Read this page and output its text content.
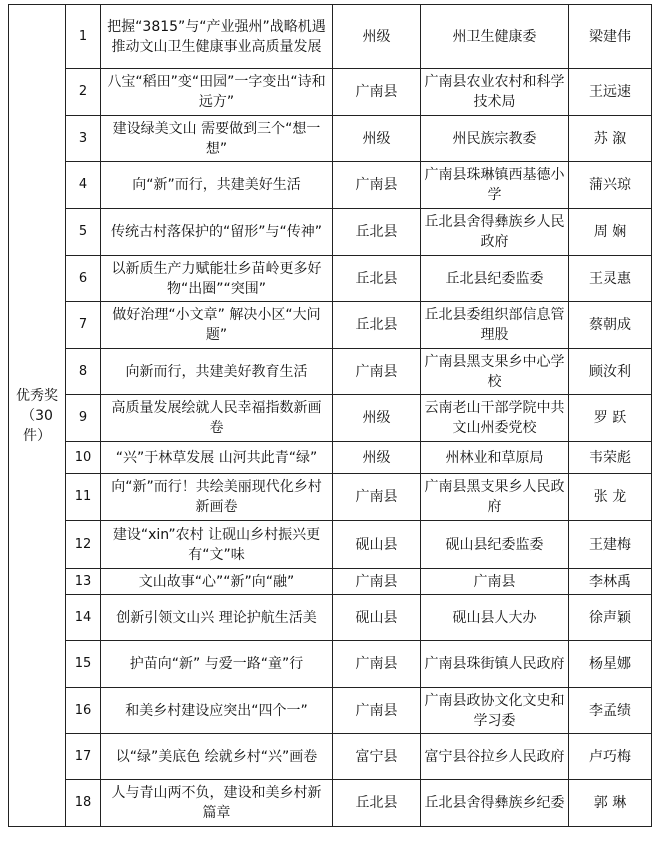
优秀奖（30件）	1	把握“3815”与“产业强州”战略机遇 推动文山卫生健康事业高质量发展	州级	州卫生健康委	梁建伟
	2	八宝“稻田”变“田园”一字变出“诗和远方”	广南县	广南县农业农村和科学技术局	王远速
	3	建设绿美文山 需要做到三个“想一想”	州级	州民族宗教委	苏 溆
	4	向“新”而行，共建美好生活	广南县	广南县珠琳镇西基德小学	蒲兴琼
	5	传统古村落保护的“留形”与“传神”	丘北县	丘北县舍得彝族乡人民政府	周 娴
	6	以新质生产力赋能壮乡苗岭更多好物“出圈”“突围”	丘北县	丘北县纪委监委	王灵惠
	7	做好治理“小文章” 解决小区“大问题”	丘北县	丘北县委组织部信息管理股	蔡朝成
	8	向新而行，共建美好教育生活	广南县	广南县黑支果乡中心学校	顾汝利
	9	高质量发展绘就人民幸福指数新画卷	州级	云南老山干部学院中共文山州委党校	罗 跃
	10	“兴”于林草发展 山河共此青“绿”	州级	州林业和草原局	韦荣彪
	11	向“新”而行！共绘美丽现代化乡村新画卷	广南县	广南县黑支果乡人民政府	张 龙
	12	建设“xin”农村 让砚山乡村振兴更有“文”味	砚山县	砚山县纪委监委	王建梅
	13	文山故事“心”“新”向“融”	广南县	广南县	李林禹
	14	创新引领文山兴 理论护航生活美	砚山县	砚山县人大办	徐声颖
	15	护苗向“新” 与爱一路“童”行	广南县	广南县珠街镇人民政府	杨星娜
	16	和美乡村建设应突出“四个一”	广南县	广南县政协文化文史和学习委	李孟绩
	17	以“绿”美底色 绘就乡村“兴”画卷	富宁县	富宁县谷拉乡人民政府	卢巧梅
	18	人与青山两不负，建设和美乡村新篇章	丘北县	丘北县舍得彝族乡纪委	郭 琳
